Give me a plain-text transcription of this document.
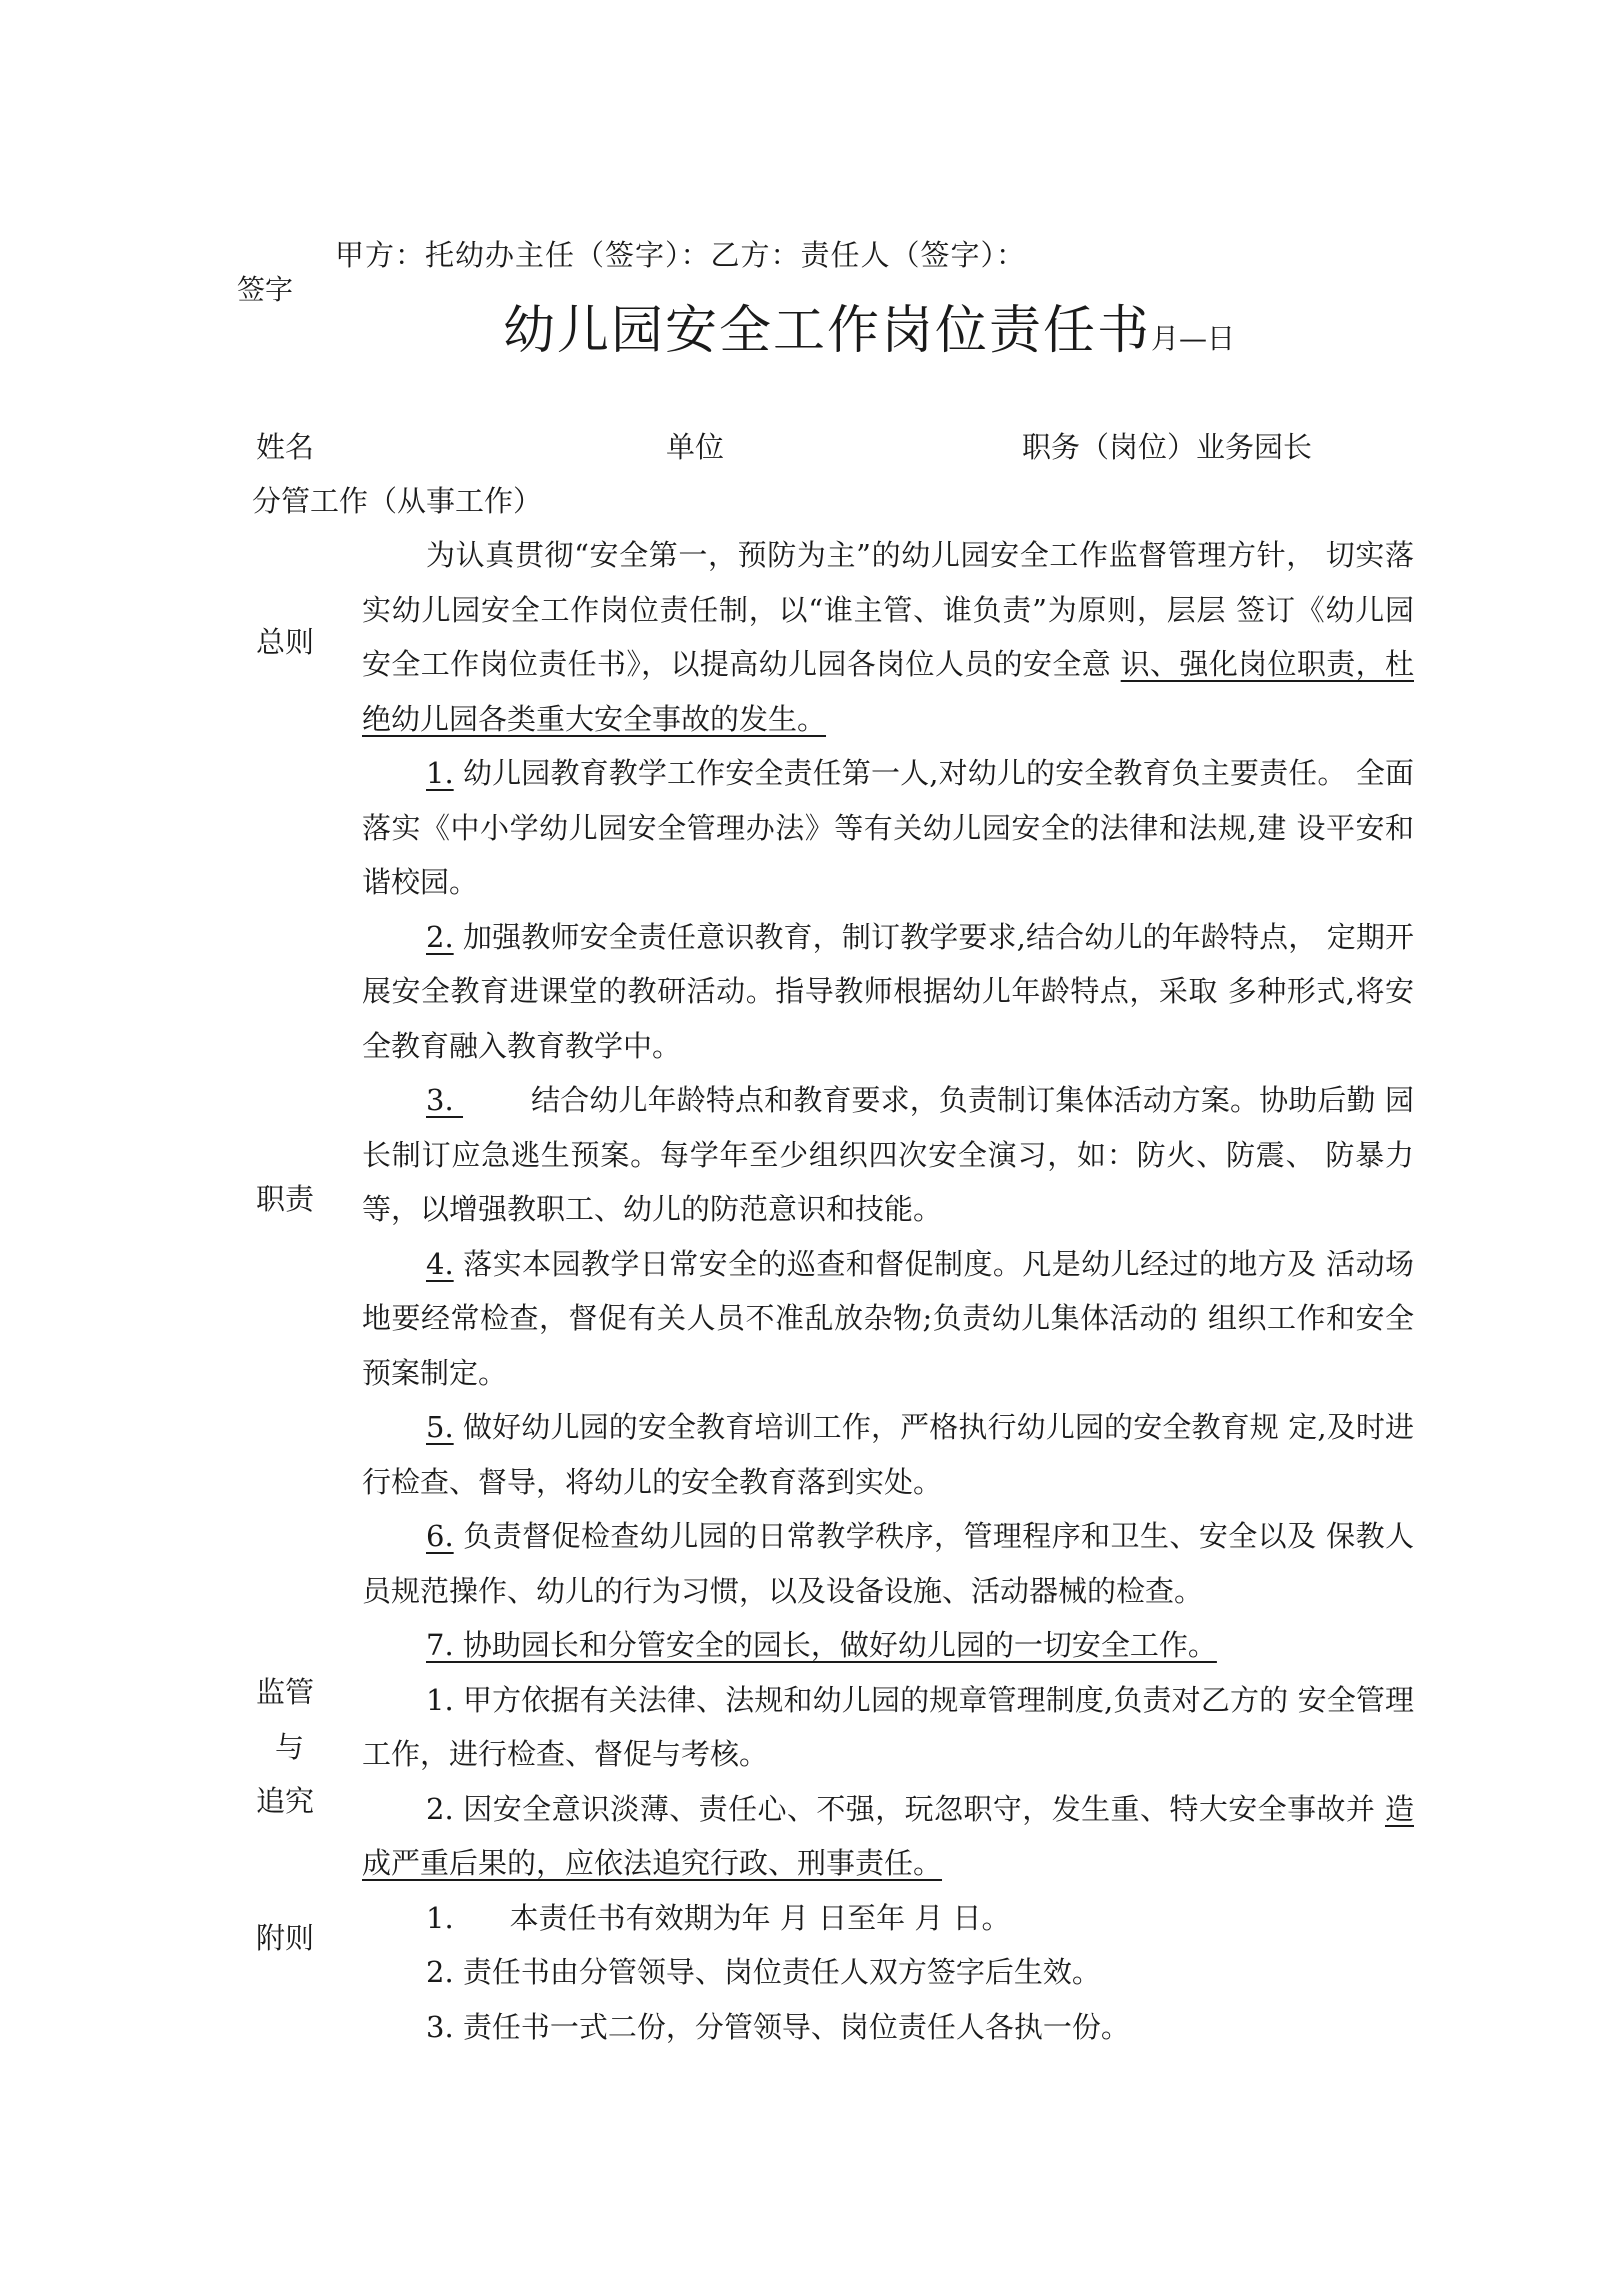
甲方：托幼办主任（签字）：乙方：责任人（签字）：
签字
幼儿园安全工作岗位责任书月—日
姓名	单位	职务（岗位）业务园长
分管工作（从事工作）
总则
职责
监管
与
追究
附则

为认真贯彻“安全第一，预防为主”的幼儿园安全工作监督管理方针， 切实落实幼儿园安全工作岗位责任制，以“谁主管、谁负责”为原则，层层 签订《幼儿园安全工作岗位责任书》，以提高幼儿园各岗位人员的安全意 识、强化岗位职责，杜绝幼儿园各类重大安全事故的发生。

1. 幼儿园教育教学工作安全责任第一人,对幼儿的安全教育负主要责任。 全面落实《中小学幼儿园安全管理办法》等有关幼儿园安全的法律和法规,建 设平安和谐校园。

2. 加强教师安全责任意识教育，制订教学要求,结合幼儿的年龄特点， 定期开展安全教育进课堂的教研活动。指导教师根据幼儿年龄特点，采取 多种形式,将安全教育融入教育教学中。

3. 结合幼儿年龄特点和教育要求，负责制订集体活动方案。协助后勤 园长制订应急逃生预案。每学年至少组织四次安全演习，如：防火、防震、 防暴力等，以增强教职工、幼儿的防范意识和技能。

4. 落实本园教学日常安全的巡查和督促制度。凡是幼儿经过的地方及 活动场地要经常检查，督促有关人员不准乱放杂物;负责幼儿集体活动的 组织工作和安全预案制定。

5. 做好幼儿园的安全教育培训工作，严格执行幼儿园的安全教育规 定,及时进行检查、督导，将幼儿的安全教育落到实处。

6. 负责督促检查幼儿园的日常教学秩序，管理程序和卫生、安全以及 保教人员规范操作、幼儿的行为习惯，以及设备设施、活动器械的检查。

7. 协助园长和分管安全的园长，做好幼儿园的一切安全工作。

1. 甲方依据有关法律、法规和幼儿园的规章管理制度,负责对乙方的 安全管理工作，进行检查、督促与考核。

2. 因安全意识淡薄、责任心、不强，玩忽职守，发生重、特大安全事故并 造成严重后果的，应依法追究行政、刑事责任。

1. 本责任书有效期为年 月 日至年 月 日。

2. 责任书由分管领导、岗位责任人双方签字后生效。

3. 责任书一式二份，分管领导、岗位责任人各执一份。
